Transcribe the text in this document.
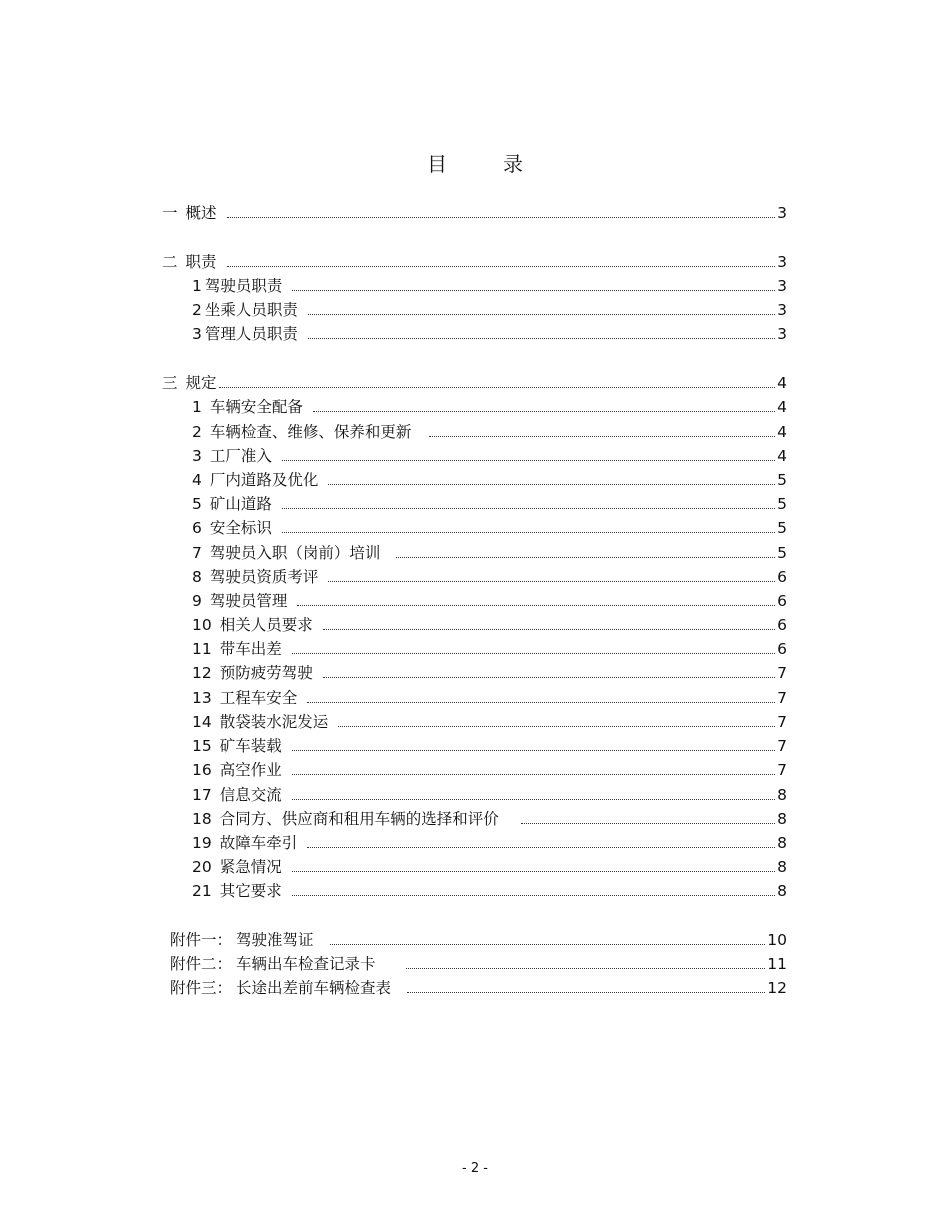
目　录
一 概述	3
二 职责	3
1 驾驶员职责	3
2 坐乘人员职责	3
3 管理人员职责	3
三 规定	4
1 车辆安全配备	4
2 车辆检查、维修、保养和更新	4
3 工厂准入	4
4 厂内道路及优化	5
5 矿山道路	5
6 安全标识	5
7 驾驶员入职（岗前）培训	5
8 驾驶员资质考评	6
9 驾驶员管理	6
10 相关人员要求	6
11 带车出差	6
12 预防疲劳驾驶	7
13 工程车安全	7
14 散袋装水泥发运	7
15 矿车装载	7
16 高空作业	7
17 信息交流	8
18 合同方、供应商和租用车辆的选择和评价	8
19 故障车牵引	8
20 紧急情况	8
21 其它要求	8
附件一： 驾驶准驾证	10
附件二： 车辆出车检查记录卡	11
附件三： 长途出差前车辆检查表	12
- 2 -
